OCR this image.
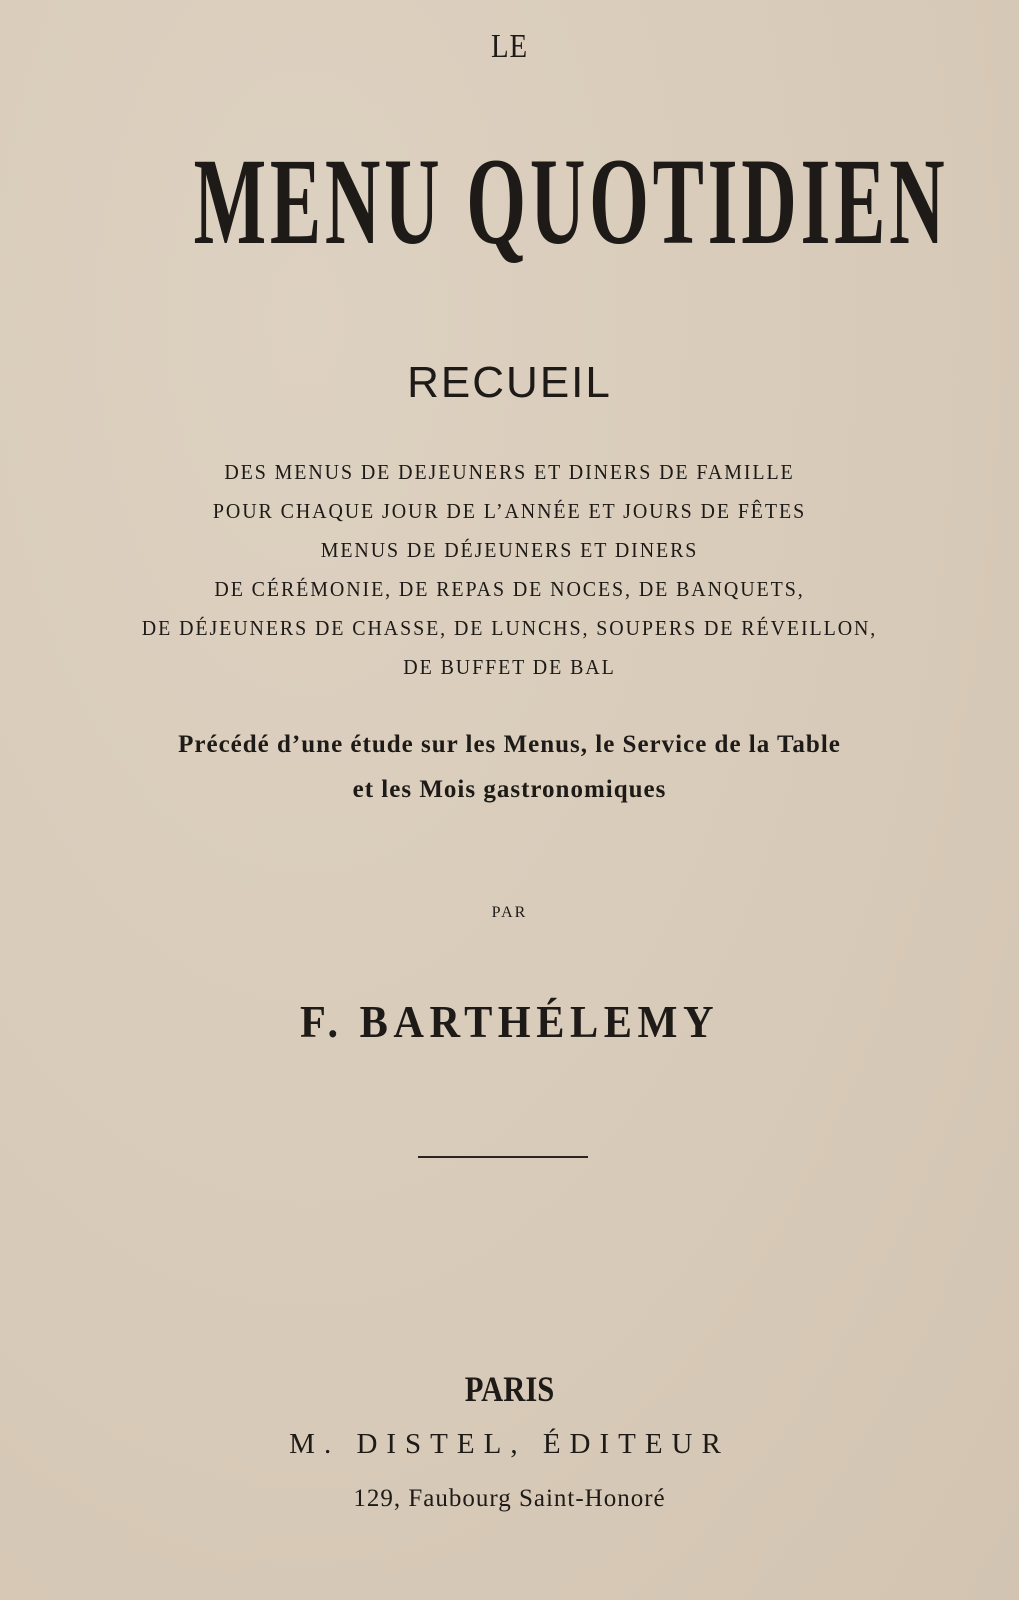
LE
MENU QUOTIDIEN
RECUEIL
DES MENUS DE DEJEUNERS ET DINERS DE FAMILLE
POUR CHAQUE JOUR DE L’ANNÉE ET JOURS DE FÊTES
MENUS DE DÉJEUNERS ET DINERS
DE CÉRÉMONIE, DE REPAS DE NOCES, DE BANQUETS,
DE DÉJEUNERS DE CHASSE, DE LUNCHS, SOUPERS DE RÉVEILLON,
DE BUFFET DE BAL
Précédé d’une étude sur les Menus, le Service de la Table
et les Mois gastronomiques
PAR
F. BARTHÉLEMY
PARIS
M. DISTEL, ÉDITEUR
129, Faubourg Saint-Honoré
